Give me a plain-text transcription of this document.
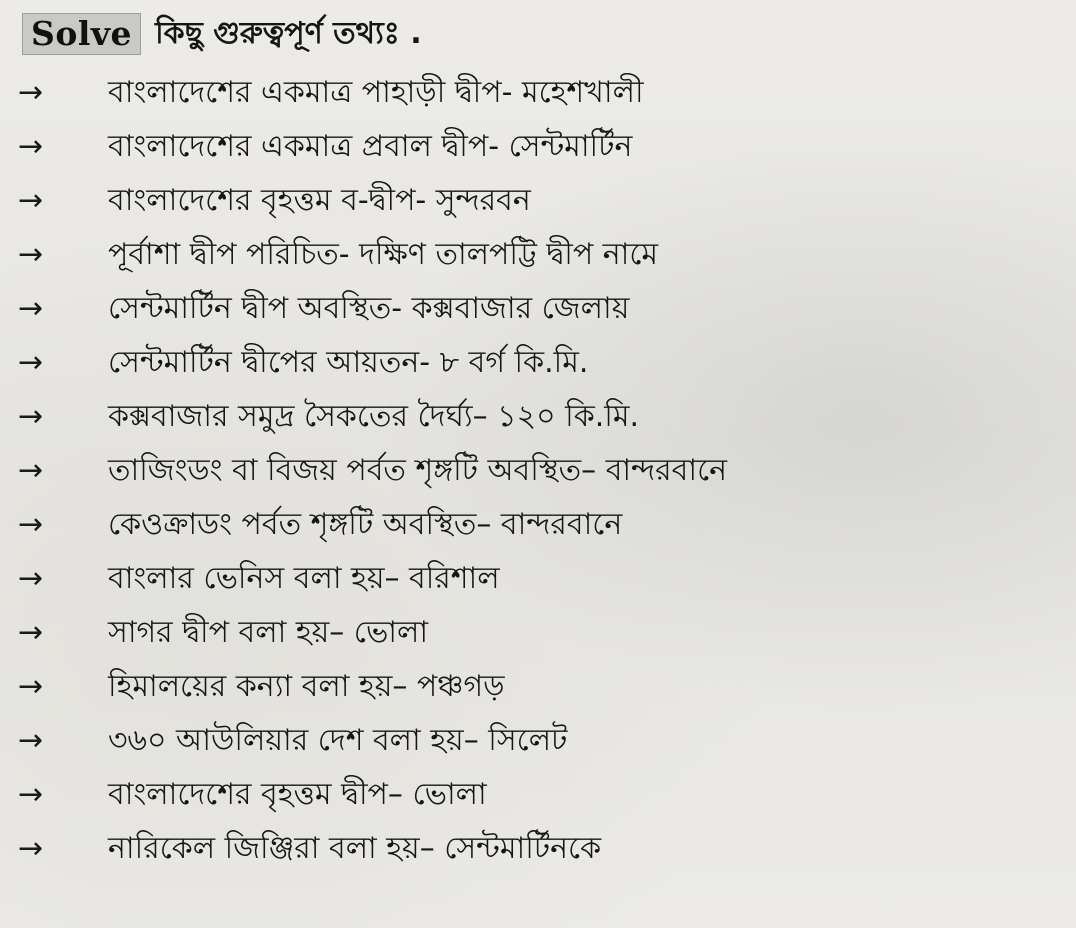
Solve কিছু গুরুত্বপূর্ণ তথ্যঃ .
→	বাংলাদেশের একমাত্র পাহাড়ী দ্বীপ- মহেশখালী
→	বাংলাদেশের একমাত্র প্রবাল দ্বীপ- সেন্টমার্টিন
→	বাংলাদেশের বৃহত্তম ব-দ্বীপ- সুন্দরবন
→	পূর্বাশা দ্বীপ পরিচিত- দক্ষিণ তালপট্টি দ্বীপ নামে
→	সেন্টমার্টিন দ্বীপ অবস্থিত- কক্সবাজার জেলায়
→	সেন্টমার্টিন দ্বীপের আয়তন- ৮ বর্গ কি.মি.
→	কক্সবাজার সমুদ্র সৈকতের দৈর্ঘ্য– ১২০ কি.মি.
→	তাজিংডং বা বিজয় পর্বত শৃঙ্গটি অবস্থিত– বান্দরবানে
→	কেওক্রাডং পর্বত শৃঙ্গটি অবস্থিত– বান্দরবানে
→	বাংলার ভেনিস বলা হয়– বরিশাল
→	সাগর দ্বীপ বলা হয়– ভোলা
→	হিমালয়ের কন্যা বলা হয়– পঞ্চগড়
→	৩৬০ আউলিয়ার দেশ বলা হয়– সিলেট
→	বাংলাদেশের বৃহত্তম দ্বীপ– ভোলা
→	নারিকেল জিঞ্জিরা বলা হয়– সেন্টমার্টিনকে
